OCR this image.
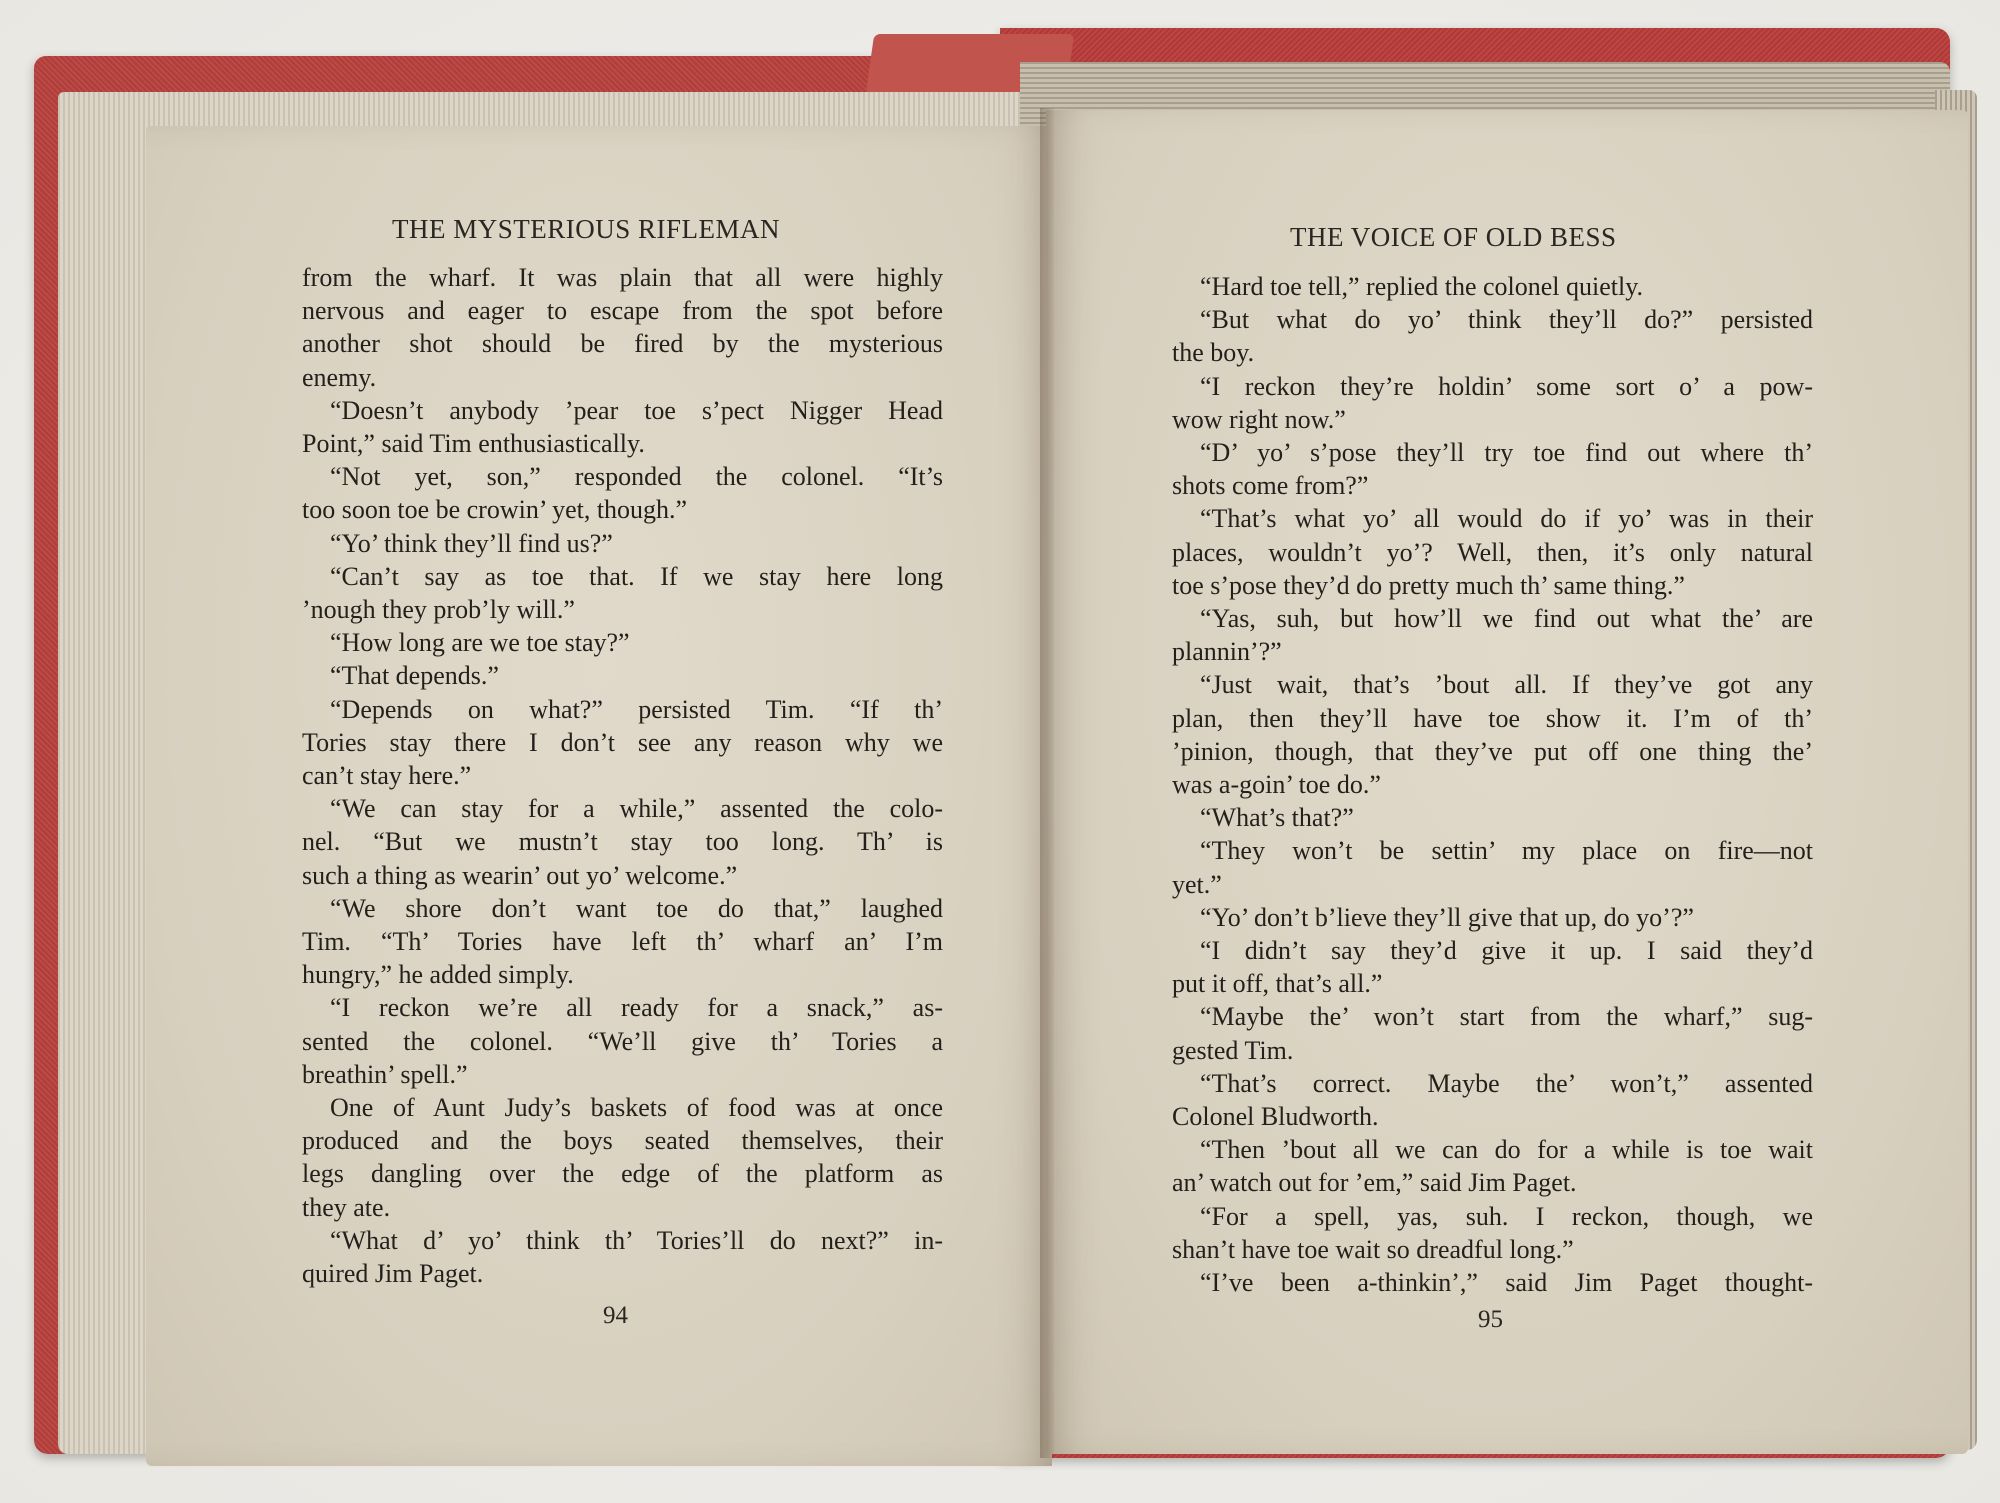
THE MYSTERIOUS RIFLEMAN
from the wharf. It was plain that all were highly
nervous and eager to escape from the spot before
another shot should be fired by the mysterious
enemy.
“Doesn’t anybody ’pear toe s’pect Nigger Head
Point,” said Tim enthusiastically.
“Not yet, son,” responded the colonel. “It’s
too soon toe be crowin’ yet, though.”
“Yo’ think they’ll find us?”
“Can’t say as toe that. If we stay here long
’nough they prob’ly will.”
“How long are we toe stay?”
“That depends.”
“Depends on what?” persisted Tim. “If th’
Tories stay there I don’t see any reason why we
can’t stay here.”
“We can stay for a while,” assented the colo-
nel. “But we mustn’t stay too long. Th’ is
such a thing as wearin’ out yo’ welcome.”
“We shore don’t want toe do that,” laughed
Tim. “Th’ Tories have left th’ wharf an’ I’m
hungry,” he added simply.
“I reckon we’re all ready for a snack,” as-
sented the colonel. “We’ll give th’ Tories a
breathin’ spell.”
One of Aunt Judy’s baskets of food was at once
produced and the boys seated themselves, their
legs dangling over the edge of the platform as
they ate.
“What d’ yo’ think th’ Tories’ll do next?” in-
quired Jim Paget.
94
THE VOICE OF OLD BESS
“Hard toe tell,” replied the colonel quietly.
“But what do yo’ think they’ll do?” persisted
the boy.
“I reckon they’re holdin’ some sort o’ a pow-
wow right now.”
“D’ yo’ s’pose they’ll try toe find out where th’
shots come from?”
“That’s what yo’ all would do if yo’ was in their
places, wouldn’t yo’? Well, then, it’s only natural
toe s’pose they’d do pretty much th’ same thing.”
“Yas, suh, but how’ll we find out what the’ are
plannin’?”
“Just wait, that’s ’bout all. If they’ve got any
plan, then they’ll have toe show it. I’m of th’
’pinion, though, that they’ve put off one thing the’
was a-goin’ toe do.”
“What’s that?”
“They won’t be settin’ my place on fire—not
yet.”
“Yo’ don’t b’lieve they’ll give that up, do yo’?”
“I didn’t say they’d give it up. I said they’d
put it off, that’s all.”
“Maybe the’ won’t start from the wharf,” sug-
gested Tim.
“That’s correct. Maybe the’ won’t,” assented
Colonel Bludworth.
“Then ’bout all we can do for a while is toe wait
an’ watch out for ’em,” said Jim Paget.
“For a spell, yas, suh. I reckon, though, we
shan’t have toe wait so dreadful long.”
“I’ve been a-thinkin’,” said Jim Paget thought-
95
